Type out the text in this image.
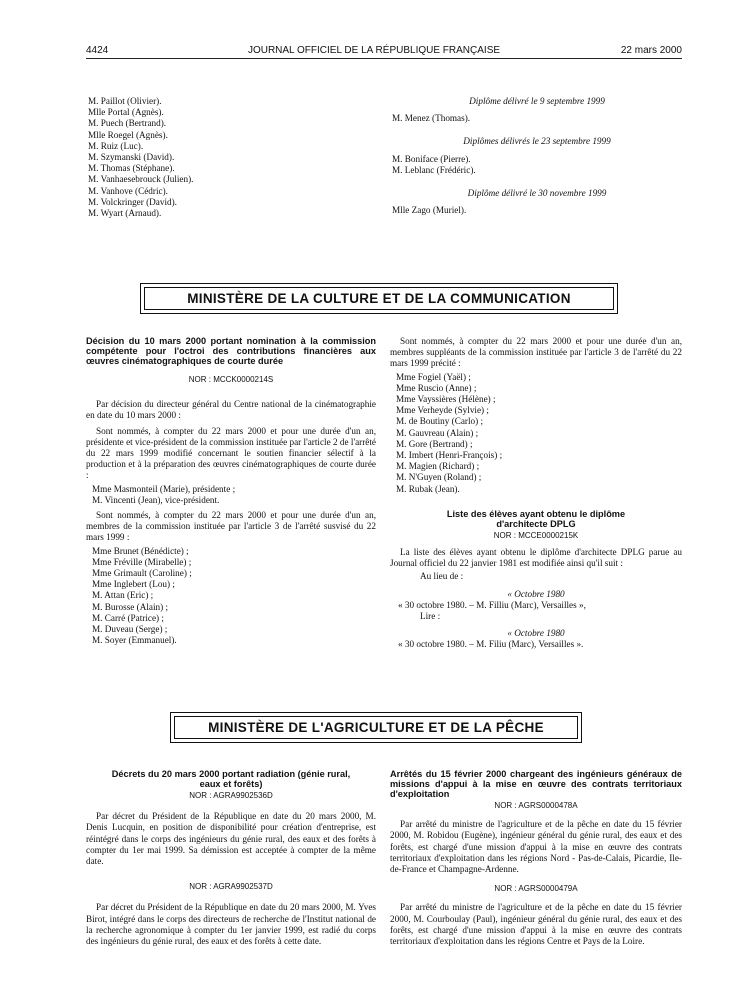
4424	JOURNAL OFFICIEL DE LA RÉPUBLIQUE FRANÇAISE	22 mars 2000
M. Paillot (Olivier).
Mlle Portal (Agnès).
M. Puech (Bertrand).
Mlle Roegel (Agnès).
M. Ruiz (Luc).
M. Szymanski (David).
M. Thomas (Stéphane).
M. Vanhaesebrouck (Julien).
M. Vanhove (Cédric).
M. Volckringer (David).
M. Wyart (Arnaud).
Diplôme délivré le 9 septembre 1999
M. Menez (Thomas).
Diplômes délivrés le 23 septembre 1999
M. Boniface (Pierre).
M. Leblanc (Frédéric).
Diplôme délivré le 30 novembre 1999
Mlle Zago (Muriel).
MINISTÈRE DE LA CULTURE ET DE LA COMMUNICATION
Décision du 10 mars 2000 portant nomination à la commission compétente pour l'octroi des contributions financières aux œuvres cinématographiques de courte durée
NOR : MCCK0000214S
Par décision du directeur général du Centre national de la cinématographie en date du 10 mars 2000 :
Sont nommés, à compter du 22 mars 2000 et pour une durée d'un an, présidente et vice-président de la commission instituée par l'article 2 de l'arrêté du 22 mars 1999 modifié concernant le soutien financier sélectif à la production et à la préparation des œuvres cinématographiques de courte durée :
Mme Masmonteil (Marie), présidente ;
M. Vincenti (Jean), vice-président.
Sont nommés, à compter du 22 mars 2000 et pour une durée d'un an, membres de la commission instituée par l'article 3 de l'arrêté susvisé du 22 mars 1999 :
Mme Brunet (Bénédicte) ;
Mme Fréville (Mirabelle) ;
Mme Grimault (Caroline) ;
Mme Inglebert (Lou) ;
M. Attan (Eric) ;
M. Burosse (Alain) ;
M. Carré (Patrice) ;
M. Duveau (Serge) ;
M. Soyer (Emmanuel).
Sont nommés, à compter du 22 mars 2000 et pour une durée d'un an, membres suppléants de la commission instituée par l'article 3 de l'arrêté du 22 mars 1999 précité :
Mme Fogiel (Yaël) ;
Mme Ruscio (Anne) ;
Mme Vayssières (Hélène) ;
Mme Verheyde (Sylvie) ;
M. de Boutiny (Carlo) ;
M. Gauvreau (Alain) ;
M. Gore (Bertrand) ;
M. Imbert (Henri-François) ;
M. Magien (Richard) ;
M. N'Guyen (Roland) ;
M. Rubak (Jean).
Liste des élèves ayant obtenu le diplôme d'architecte DPLG
NOR : MCCE0000215K
La liste des élèves ayant obtenu le diplôme d'architecte DPLG parue au Journal officiel du 22 janvier 1981 est modifiée ainsi qu'il suit :
Au lieu de :
« Octobre 1980
« 30 octobre 1980. – M. Filliu (Marc), Versailles »,
Lire :
« Octobre 1980
« 30 octobre 1980. – M. Filiu (Marc), Versailles ».
MINISTÈRE DE L'AGRICULTURE ET DE LA PÊCHE
Décrets du 20 mars 2000 portant radiation (génie rural, eaux et forêts)
NOR : AGRA9902536D
Par décret du Président de la République en date du 20 mars 2000, M. Denis Lucquin, en position de disponibilité pour création d'entreprise, est réintégré dans le corps des ingénieurs du génie rural, des eaux et des forêts à compter du 1er mai 1999. Sa démission est acceptée à compter de la même date.
NOR : AGRA9902537D
Par décret du Président de la République en date du 20 mars 2000, M. Yves Birot, intégré dans le corps des directeurs de recherche de l'Institut national de la recherche agronomique à compter du 1er janvier 1999, est radié du corps des ingénieurs du génie rural, des eaux et des forêts à cette date.
Arrêtés du 15 février 2000 chargeant des ingénieurs généraux de missions d'appui à la mise en œuvre des contrats territoriaux d'exploitation
NOR : AGRS0000478A
Par arrêté du ministre de l'agriculture et de la pêche en date du 15 février 2000, M. Robidou (Eugène), ingénieur général du génie rural, des eaux et des forêts, est chargé d'une mission d'appui à la mise en œuvre des contrats territoriaux d'exploitation dans les régions Nord - Pas-de-Calais, Picardie, Ile-de-France et Champagne-Ardenne.
NOR : AGRS0000479A
Par arrêté du ministre de l'agriculture et de la pêche en date du 15 février 2000, M. Courboulay (Paul), ingénieur général du génie rural, des eaux et des forêts, est chargé d'une mission d'appui à la mise en œuvre des contrats territoriaux d'exploitation dans les régions Centre et Pays de la Loire.
